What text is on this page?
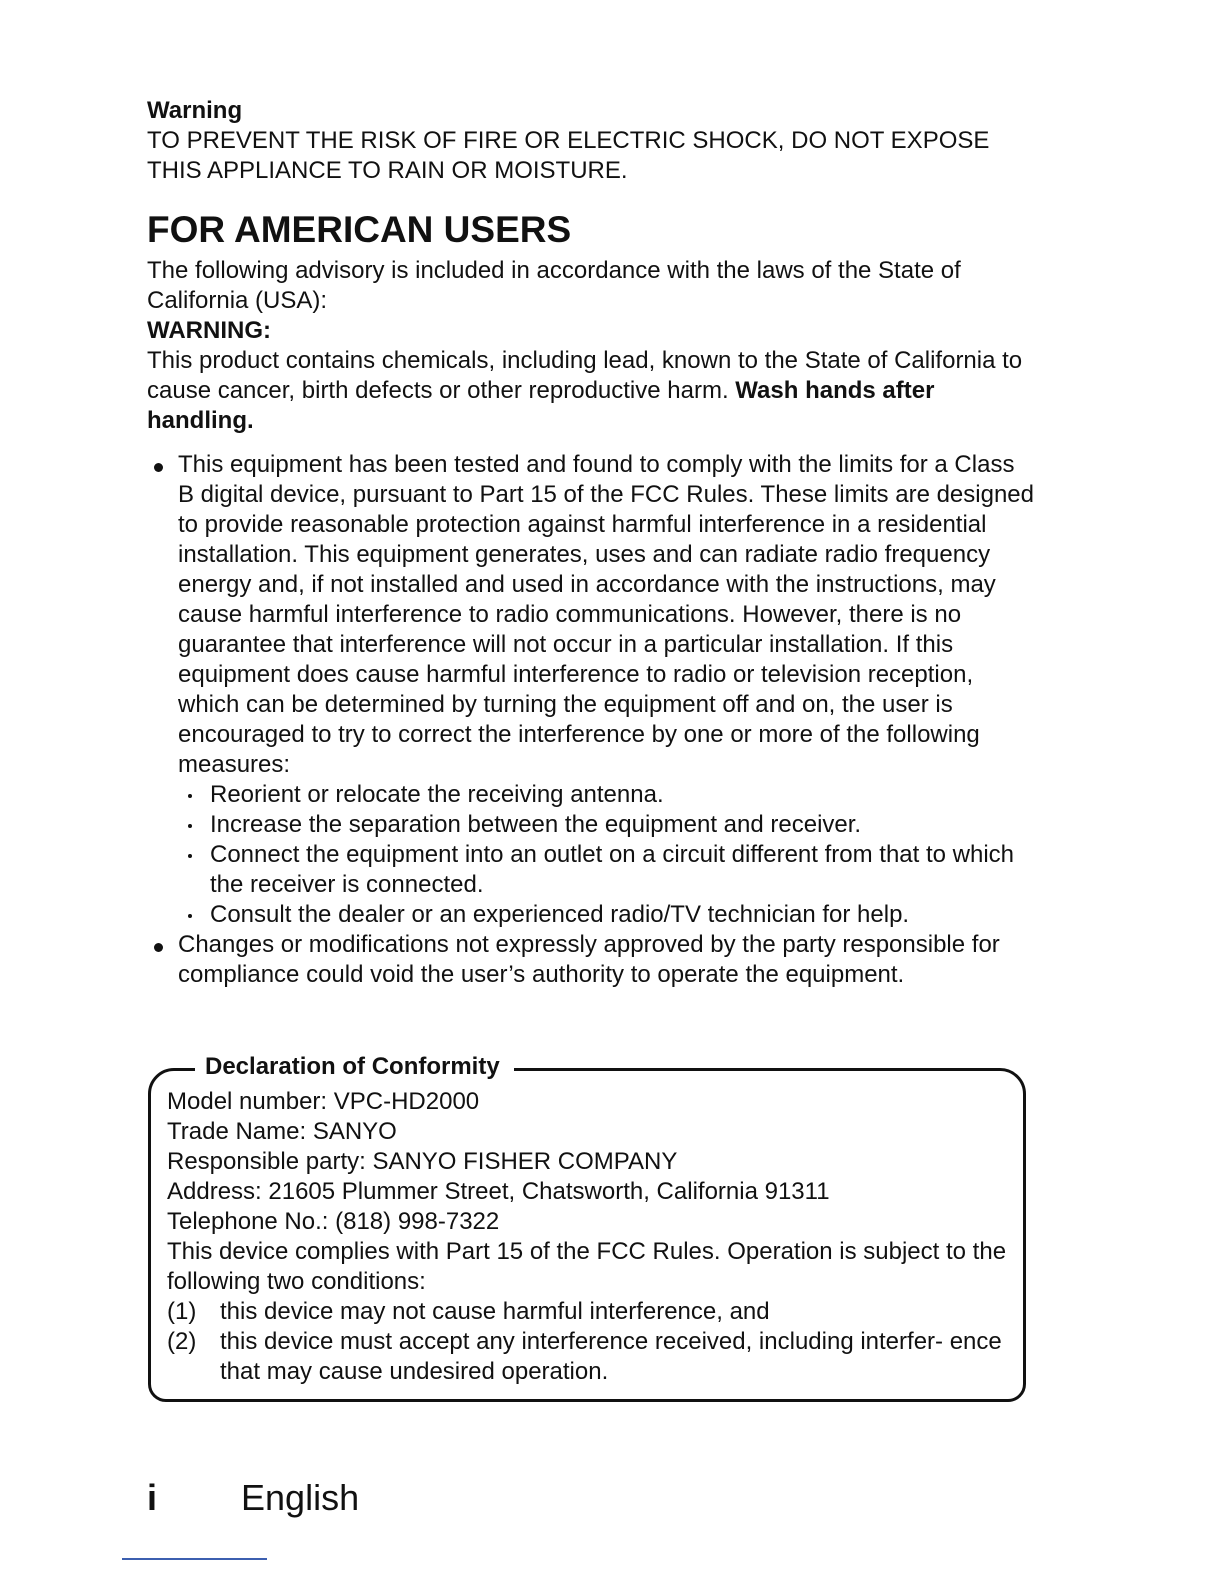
Warning

TO PREVENT THE RISK OF FIRE OR ELECTRIC SHOCK, DO NOT EXPOSE THIS APPLIANCE TO RAIN OR MOISTURE.

FOR AMERICAN USERS

The following advisory is included in accordance with the laws of the State of California (USA):

WARNING:

This product contains chemicals, including lead, known to the State of California to cause cancer, birth defects or other reproductive harm. Wash hands after handling.

This equipment has been tested and found to comply with the limits for a Class B digital device, pursuant to Part 15 of the FCC Rules. These limits are designed to provide reasonable protection against harmful interference in a residential installation. This equipment generates, uses and can radiate radio frequency energy and, if not installed and used in accordance with the instructions, may cause harmful interference to radio communications. However, there is no guarantee that interference will not occur in a particular installation. If this equipment does cause harmful interference to radio or television reception, which can be determined by turning the equipment off and on, the user is encouraged to try to correct the interference by one or more of the following measures:
Reorient or relocate the receiving antenna.
Increase the separation between the equipment and receiver.
Connect the equipment into an outlet on a circuit different from that to which the receiver is connected.
Consult the dealer or an experienced radio/TV technician for help.
Changes or modifications not expressly approved by the party responsible for compliance could void the user’s authority to operate the equipment.
Declaration of Conformity

Model number: VPC-HD2000

Trade Name: SANYO

Responsible party: SANYO FISHER COMPANY

Address: 21605 Plummer Street, Chatsworth, California 91311

Telephone No.: (818) 998-7322

This device complies with Part 15 of the FCC Rules. Operation is subject to the following two conditions:

(1) this device may not cause harmful interference, and
(2) this device must accept any interference received, including interfer- ence that may cause undesired operation.
i English
